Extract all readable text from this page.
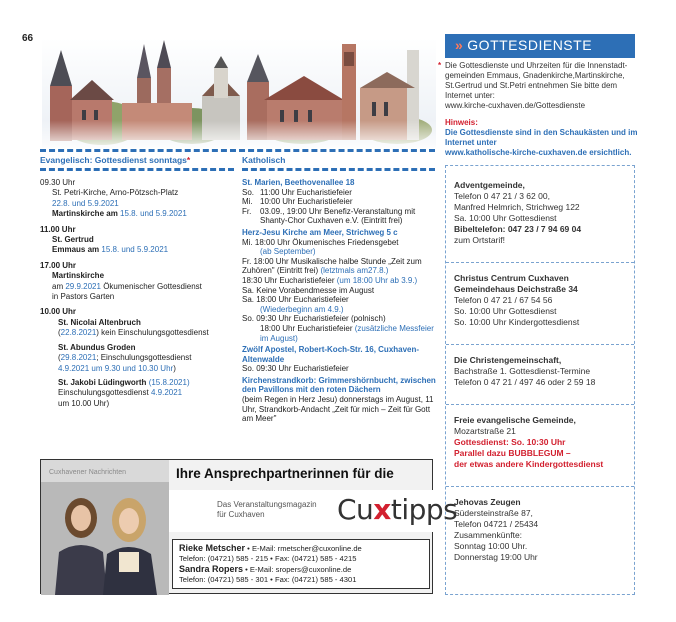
66	» GOTTESDIENSTE
* Die Gottesdienste und Uhrzeiten für die Innenstadt-gemeinden Emmaus, Gnadenkirche,Martinskirche, St.Gertrud und St.Petri entnehmen Sie bitte dem Internet unter:
www.kirche-cuxhaven.de/Gottesdienste
Hinweis:
Die Gottesdienste sind in den Schaukästen und im Internet unter
www.katholische-kirche-cuxhaven.de ersichtlich.
Evangelisch: Gottesdienst sonntags*	Katholisch
09.30 Uhr
St. Petri-Kirche, Arno-Pötzsch-Platz
22.8. und 5.9.2021
Martinskirche am 15.8. und 5.9.2021
11.00 Uhr
St. Gertrud
Emmaus am 15.8. und 5.9.2021
17.00 Uhr
Martinskirche
am 29.9.2021 Ökumenischer Gottesdienst
in Pastors Garten
10.00 Uhr
St. Nicolai Altenbruch
(22.8.2021) kein Einschulungsgottesdienst
St. Abundus Groden
(29.8.2021; Einschulungsgottesdienst
4.9.2021 um 9.30 und 10.30 Uhr)
St. Jakobi Lüdingworth (15.8.2021)
Einschulungsgottesdienst 4.9.2021
um 10.00 Uhr)
St. Marien, Beethovenallee 18
So. 11:00 Uhr Eucharistiefeier
Mi. 10:00 Uhr Eucharistiefeier
Fr.	03.09., 19:00 Uhr Benefiz-Veranstaltung mit Shanty-Chor Cuxhaven e.V. (Eintritt frei)
Herz-Jesu Kirche am Meer, Strichweg 5 c
Mi. 18:00 Uhr Ökumenisches Friedensgebet
(ab September)
Fr. 18:00 Uhr Musikalische halbe Stunde „Zeit zum Zuhören" (Eintritt frei) (letztmals am27.8.)
18:30 Uhr Eucharistiefeier (um 18:00 Uhr ab 3.9.)
Sa. Keine Vorabendmesse im August
Sa. 18:00 Uhr Eucharistiefeier
(Wiederbeginn am 4.9.)
So. 09:30 Uhr Eucharistiefeier (polnisch)
18:00 Uhr Eucharistiefeier (zusätzliche Messfeier im August)
Zwölf Apostel, Robert-Koch-Str. 16, Cuxhaven-Altenwalde
So. 09:30 Uhr Eucharistiefeier
Kirchenstrandkorb: Grimmershörnbucht, zwischen den Pavillons mit den roten Dächern
(beim Regen in Herz Jesu) donnerstags im August, 11 Uhr, Strandkorb-Andacht „Zeit für mich – Zeit für Gott am Meer"
Adventgemeinde,
Telefon 0 47 21 / 3 62 00,
Manfred Helmrich, Strichweg 122
Sa. 10:00 Uhr Gottesdienst
Bibeltelefon: 047 23 / 7 94 69 04
zum Ortstarif!
Christus Centrum Cuxhaven
Gemeindehaus Deichstraße 34
Telefon 0 47 21 / 67 54 56
So. 10:00 Uhr Gottesdienst
So. 10:00 Uhr Kindergottesdienst
Die Christengemeinschaft,
Bachstraße 1. Gottesdienst-Termine
Telefon 0 47 21 / 497 46 oder 2 59 18
Freie evangelische Gemeinde,
Mozartstraße 21
Gottesdienst: So. 10:30 Uhr
Parallel dazu BUBBLEGUM –
der etwas andere Kindergottesdienst
Jehovas Zeugen
Südersteinstraße 87,
Telefon 04721 / 25434
Zusammenkünfte:
Sonntag 10:00 Uhr.
Donnerstag 19:00 Uhr
Cuxhavener Nachrichten	Ihre Ansprechpartnerinnen für die
Das Veranstaltungsmagazin
für Cuxhaven	Cuxtipps
Rieke Metscher • E-Mail: rmetscher@cuxonline.de
Telefon: (04721) 585 - 215 • Fax: (04721) 585 - 4215
Sandra Ropers • E-Mail: sropers@cuxonline.de
Telefon: (04721) 585 - 301 • Fax: (04721) 585 - 4301
